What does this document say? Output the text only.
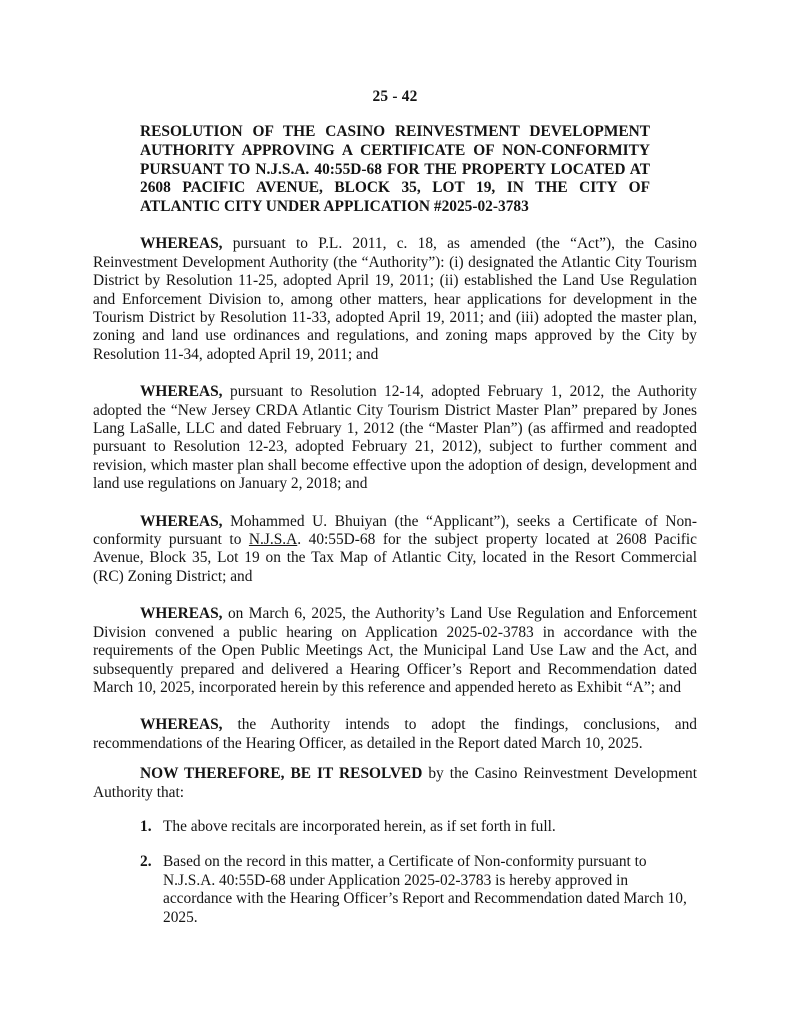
25 - 42
RESOLUTION OF THE CASINO REINVESTMENT DEVELOPMENT AUTHORITY APPROVING A CERTIFICATE OF NON-CONFORMITY PURSUANT TO N.J.S.A. 40:55D-68 FOR THE PROPERTY LOCATED AT 2608 PACIFIC AVENUE, BLOCK 35, LOT 19, IN THE CITY OF ATLANTIC CITY UNDER APPLICATION #2025-02-3783

WHEREAS, pursuant to P.L. 2011, c. 18, as amended (the “Act”), the Casino Reinvestment Development Authority (the “Authority”): (i) designated the Atlantic City Tourism District by Resolution 11-25, adopted April 19, 2011; (ii) established the Land Use Regulation and Enforcement Division to, among other matters, hear applications for development in the Tourism District by Resolution 11-33, adopted April 19, 2011; and (iii) adopted the master plan, zoning and land use ordinances and regulations, and zoning maps approved by the City by Resolution 11-34, adopted April 19, 2011; and

WHEREAS, pursuant to Resolution 12-14, adopted February 1, 2012, the Authority adopted the “New Jersey CRDA Atlantic City Tourism District Master Plan” prepared by Jones Lang LaSalle, LLC and dated February 1, 2012 (the “Master Plan”) (as affirmed and readopted pursuant to Resolution 12-23, adopted February 21, 2012), subject to further comment and revision, which master plan shall become effective upon the adoption of design, development and land use regulations on January 2, 2018; and

WHEREAS, Mohammed U. Bhuiyan (the “Applicant”), seeks a Certificate of Non-conformity pursuant to N.J.S.A. 40:55D-68 for the subject property located at 2608 Pacific Avenue, Block 35, Lot 19 on the Tax Map of Atlantic City, located in the Resort Commercial (RC) Zoning District; and

WHEREAS, on March 6, 2025, the Authority’s Land Use Regulation and Enforcement Division convened a public hearing on Application 2025-02-3783 in accordance with the requirements of the Open Public Meetings Act, the Municipal Land Use Law and the Act, and subsequently prepared and delivered a Hearing Officer’s Report and Recommendation dated March 10, 2025, incorporated herein by this reference and appended hereto as Exhibit “A”; and

WHEREAS, the Authority intends to adopt the findings, conclusions, and recommendations of the Hearing Officer, as detailed in the Report dated March 10, 2025.

NOW THEREFORE, BE IT RESOLVED by the Casino Reinvestment Development Authority that:

1. The above recitals are incorporated herein, as if set forth in full.
2. Based on the record in this matter, a Certificate of Non-conformity pursuant to N.J.S.A. 40:55D-68 under Application 2025-02-3783 is hereby approved in accordance with the Hearing Officer’s Report and Recommendation dated March 10, 2025.
